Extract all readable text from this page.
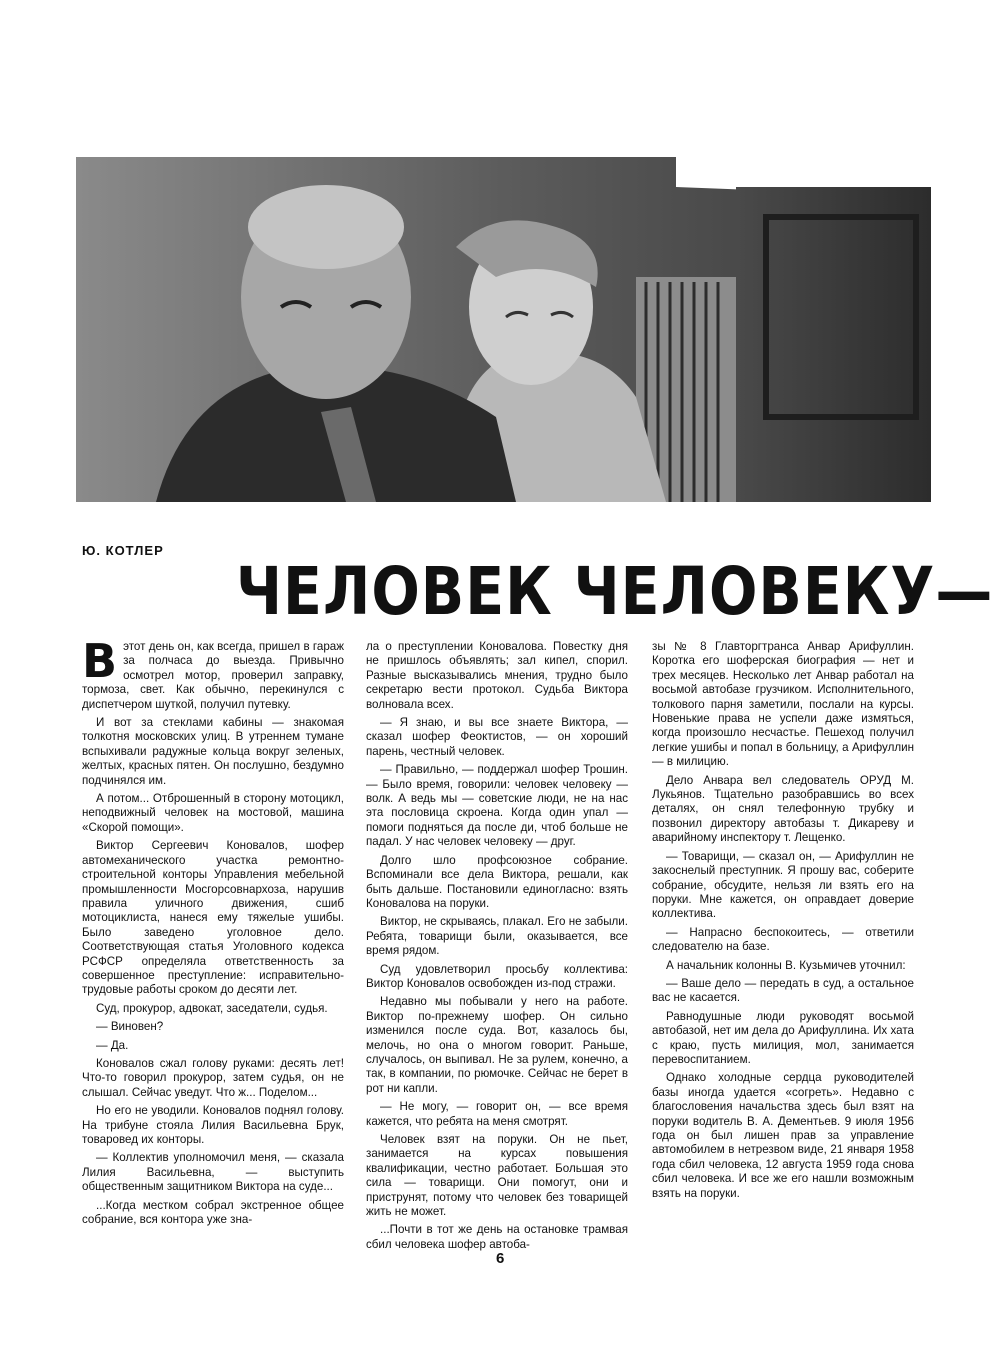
Ю. КОТЛЕР
ЧЕЛОВЕК ЧЕЛОВЕКУ—

В этот день он, как всегда, пришел в гараж за полчаса до выезда. Привычно осмотрел мотор, проверил заправку, тормоза, свет. Как обычно, перекинулся с диспетчером шуткой, получил путевку.

И вот за стеклами кабины — знакомая толкотня московских улиц. В утреннем тумане вспыхивали радужные кольца вокруг зеленых, желтых, красных пятен. Он послушно, бездумно подчинялся им.

А потом... Отброшенный в сторону мотоцикл, неподвижный человек на мостовой, машина «Скорой помощи».

Виктор Сергеевич Коновалов, шофер автомеханического участка ремонтно-строительной конторы Управления мебельной промышленности Мосгорсовнархоза, нарушив правила уличного движения, сшиб мотоциклиста, нанеся ему тяжелые ушибы. Было заведено уголовное дело. Соответствующая статья Уголовного кодекса РСФСР определяла ответственность за совершенное преступление: исправительно-трудовые работы сроком до десяти лет.

Суд, прокурор, адвокат, заседатели, судья.

— Виновен?

— Да.

Коновалов сжал голову руками: десять лет! Что-то говорил прокурор, затем судья, он не слышал. Сейчас уведут. Что ж... Поделом...

Но его не уводили. Коновалов поднял голову. На трибуне стояла Лилия Васильевна Брук, товаровед их конторы.

— Коллектив уполномочил меня, — сказала Лилия Васильевна, — выступить общественным защитником Виктора на суде...

...Когда местком собрал экстренное общее собрание, вся контора уже зна-

ла о преступлении Коновалова. Повестку дня не пришлось объявлять; зал кипел, спорил. Разные высказывались мнения, трудно было секретарю вести протокол. Судьба Виктора волновала всех.

— Я знаю, и вы все знаете Виктора, — сказал шофер Феоктистов, — он хороший парень, честный человек.

— Правильно, — поддержал шофер Трошин. — Было время, говорили: человек человеку — волк. А ведь мы — советские люди, не на нас эта пословица скроена. Когда один упал — помоги подняться да после ди, чтоб больше не падал. У нас человек человеку — друг.

Долго шло профсоюзное собрание. Вспоминали все дела Виктора, решали, как быть дальше. Постановили единогласно: взять Коновалова на поруки.

Виктор, не скрываясь, плакал. Его не забыли. Ребята, товарищи были, оказывается, все время рядом.

Суд удовлетворил просьбу коллектива: Виктор Коновалов освобожден из-под стражи.

Недавно мы побывали у него на работе. Виктор по-прежнему шофер. Он сильно изменился после суда. Вот, казалось бы, мелочь, но она о многом говорит. Раньше, случалось, он выпивал. Не за рулем, конечно, а так, в компании, по рюмочке. Сейчас не берет в рот ни капли.

— Не могу, — говорит он, — все время кажется, что ребята на меня смотрят.

Человек взят на поруки. Он не пьет, занимается на курсах повышения квалификации, честно работает. Большая это сила — товарищи. Они помогут, они и приструнят, потому что человек без товарищей жить не может.

...Почти в тот же день на остановке трамвая сбил человека шофер автоба-

зы № 8 Главторгтранса Анвар Арифуллин. Коротка его шоферская биография — нет и трех месяцев. Несколько лет Анвар работал на восьмой автобазе грузчиком. Исполнительного, толкового парня заметили, послали на курсы. Новенькие права не успели даже измяться, когда произошло несчастье. Пешеход получил легкие ушибы и попал в больницу, а Арифуллин — в милицию.

Дело Анвара вел следователь ОРУД М. Лукьянов. Тщательно разобравшись во всех деталях, он снял телефонную трубку и позвонил директору автобазы т. Дикареву и аварийному инспектору т. Лещенко.

— Товарищи, — сказал он, — Арифуллин не закоснелый преступник. Я прошу вас, соберите собрание, обсудите, нельзя ли взять его на поруки. Мне кажется, он оправдает доверие коллектива.

— Напрасно беспокоитесь, — ответили следователю на базе.

А начальник колонны В. Кузьмичев уточнил:

— Ваше дело — передать в суд, а остальное вас не касается.

Равнодушные люди руководят восьмой автобазой, нет им дела до Арифуллина. Их хата с краю, пусть милиция, мол, занимается перевоспитанием.

Однако холодные сердца руководителей базы иногда удается «согреть». Недавно с благословения начальства здесь был взят на поруки водитель В. А. Дементьев. 9 июля 1956 года он был лишен прав за управление автомобилем в нетрезвом виде, 21 января 1958 года сбил человека, 12 августа 1959 года снова сбил человека. И все же его нашли возможным взять на поруки.

6
